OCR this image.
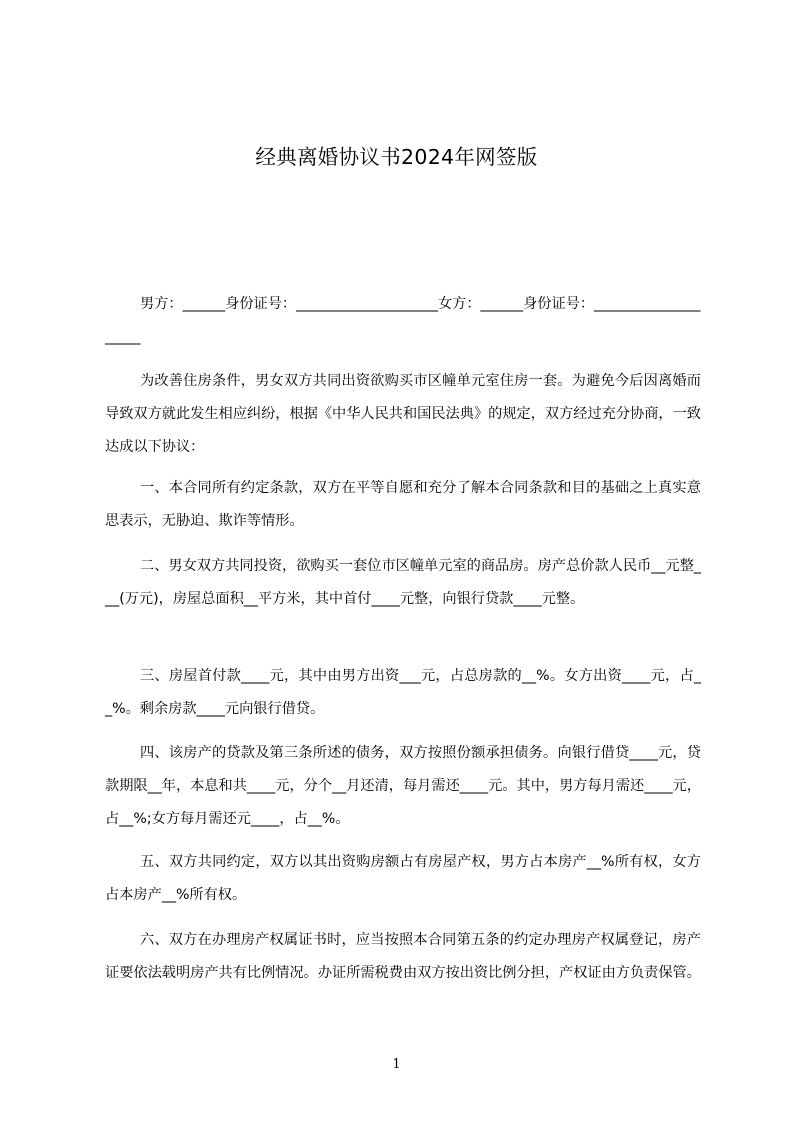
经典离婚协议书2024年网签版
男方：______身份证号：____________________女方：______身份证号：____________________

为改善住房条件，男女双方共同出资欲购买市区幢单元室住房一套。为避免今后因离婚而导致双方就此发生相应纠纷，根据《中华人民共和国民法典》的规定，双方经过充分协商，一致达成以下协议：

一、本合同所有约定条款，双方在平等自愿和充分了解本合同条款和目的基础之上真实意思表示，无胁迫、欺诈等情形。

二、男女双方共同投资，欲购买一套位市区幢单元室的商品房。房产总价款人民币__元整___(万元)，房屋总面积__平方米，其中首付____元整，向银行贷款____元整。

三、房屋首付款____元，其中由男方出资___元，占总房款的__%。女方出资____元，占__%。剩余房款____元向银行借贷。

四、该房产的贷款及第三条所述的债务，双方按照份额承担债务。向银行借贷____元，贷款期限__年，本息和共____元，分个__月还清，每月需还____元。其中，男方每月需还____元，占__%;女方每月需还元____，占__%。

五、双方共同约定，双方以其出资购房额占有房屋产权，男方占本房产__%所有权，女方占本房产__%所有权。

六、双方在办理房产权属证书时，应当按照本合同第五条的约定办理房产权属登记，房产证要依法载明房产共有比例情况。办证所需税费由双方按出资比例分担，产权证由方负责保管。

1
